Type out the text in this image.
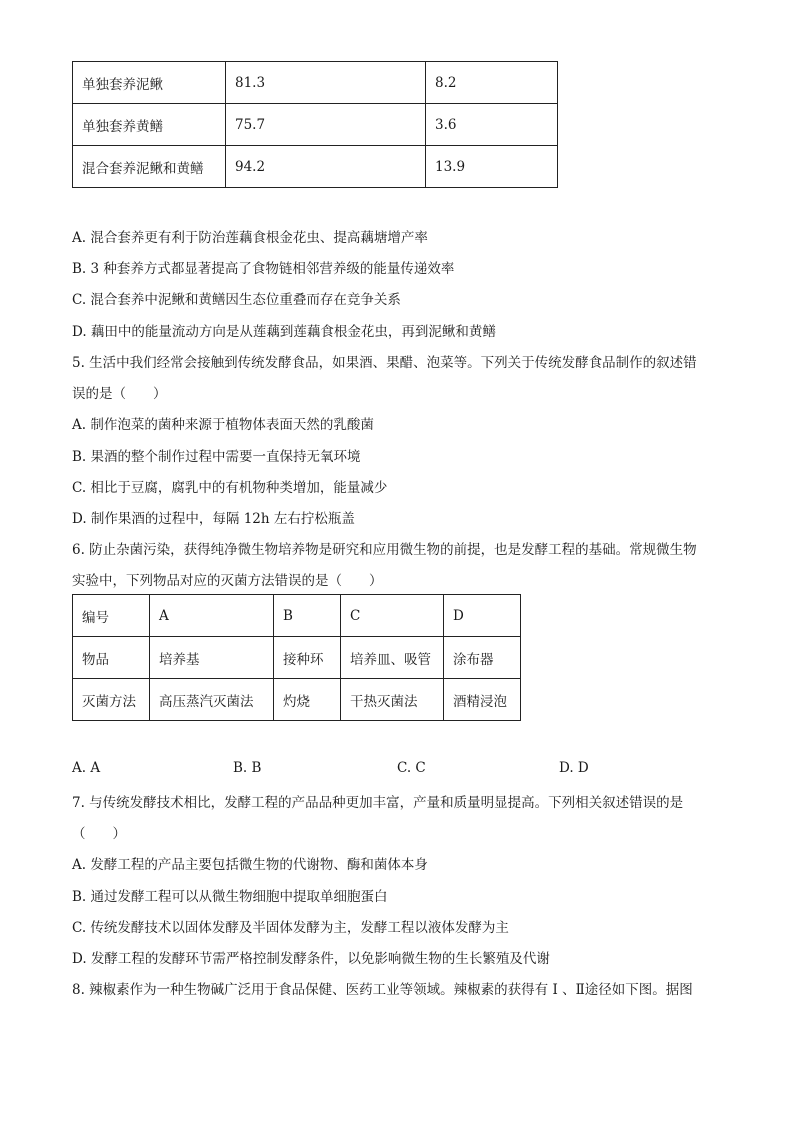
单独套养泥鳅	81.3	8.2
单独套养黄鳝	75.7	3.6
混合套养泥鳅和黄鳝	94.2	13.9
A. 混合套养更有利于防治莲藕食根金花虫、提高藕塘增产率
B. 3 种套养方式都显著提高了食物链相邻营养级的能量传递效率
C. 混合套养中泥鳅和黄鳝因生态位重叠而存在竞争关系
D. 藕田中的能量流动方向是从莲藕到莲藕食根金花虫，再到泥鳅和黄鳝
5. 生活中我们经常会接触到传统发酵食品，如果酒、果醋、泡菜等。下列关于传统发酵食品制作的叙述错
误的是（　　）
A. 制作泡菜的菌种来源于植物体表面天然的乳酸菌
B. 果酒的整个制作过程中需要一直保持无氧环境
C. 相比于豆腐，腐乳中的有机物种类增加，能量减少
D. 制作果酒的过程中，每隔 12h 左右拧松瓶盖
6. 防止杂菌污染，获得纯净微生物培养物是研究和应用微生物的前提，也是发酵工程的基础。常规微生物
实验中，下列物品对应的灭菌方法错误的是（　　）
编号	A	B	C	D
物品	培养基	接种环	培养皿、吸管	涂布器
灭菌方法	高压蒸汽灭菌法	灼烧	干热灭菌法	酒精浸泡
A. A	B. B	C. C	D. D
7. 与传统发酵技术相比，发酵工程的产品品种更加丰富，产量和质量明显提高。下列相关叙述错误的是
（　　）
A. 发酵工程的产品主要包括微生物的代谢物、酶和菌体本身
B. 通过发酵工程可以从微生物细胞中提取单细胞蛋白
C. 传统发酵技术以固体发酵及半固体发酵为主，发酵工程以液体发酵为主
D. 发酵工程的发酵环节需严格控制发酵条件，以免影响微生物的生长繁殖及代谢
8. 辣椒素作为一种生物碱广泛用于食品保健、医药工业等领域。辣椒素的获得有 Ⅰ 、Ⅱ途径如下图。据图
